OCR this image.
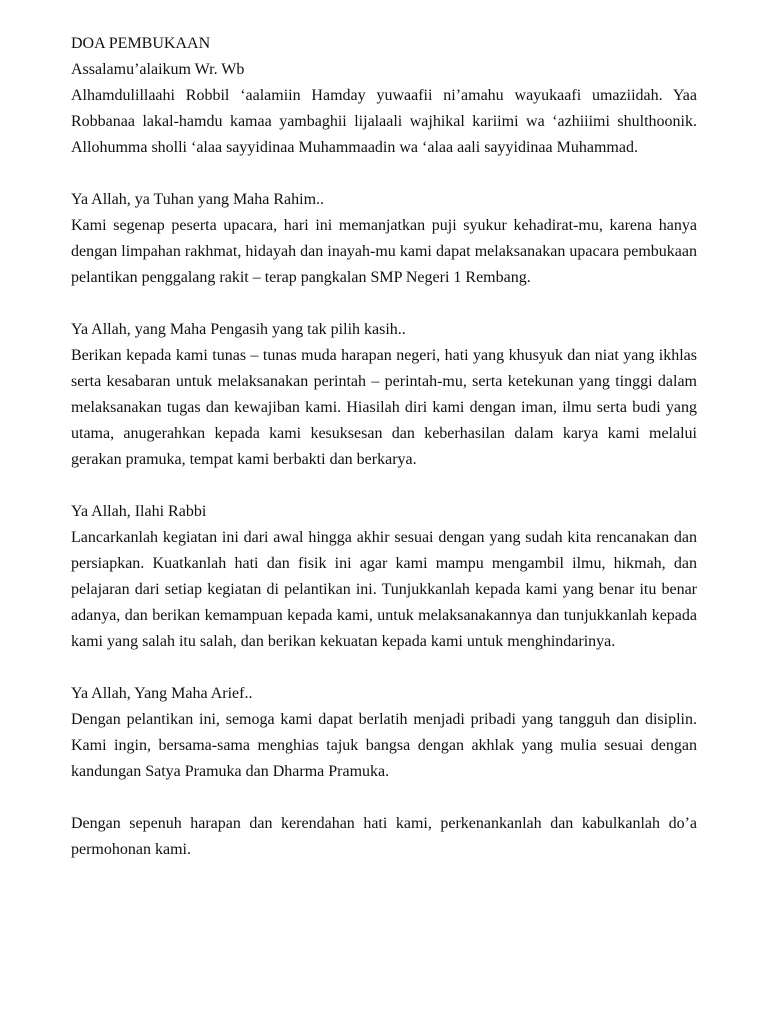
DOA PEMBUKAAN

Assalamu’alaikum Wr. Wb

Alhamdulillaahi Robbil ‘aalamiin Hamday yuwaafii ni’amahu wayukaafi umaziidah. Yaa Robbanaa lakal-hamdu kamaa yambaghii lijalaali wajhikal kariimi wa ‘azhiiimi shulthoonik. Allohumma sholli ‘alaa sayyidinaa Muhammaadin wa ‘alaa aali sayyidinaa Muhammad.

Ya Allah, ya Tuhan yang Maha Rahim..

Kami segenap peserta upacara, hari ini memanjatkan puji syukur kehadirat-mu, karena hanya dengan limpahan rakhmat, hidayah dan inayah-mu kami dapat melaksanakan upacara pembukaan pelantikan penggalang rakit – terap pangkalan SMP Negeri 1 Rembang.

Ya Allah, yang Maha Pengasih yang tak pilih kasih..

Berikan kepada kami tunas – tunas muda harapan negeri, hati yang khusyuk dan niat yang ikhlas serta kesabaran untuk melaksanakan perintah – perintah-mu, serta ketekunan yang tinggi dalam melaksanakan tugas dan kewajiban kami. Hiasilah diri kami dengan iman, ilmu serta budi yang utama, anugerahkan kepada kami kesuksesan dan keberhasilan dalam karya kami melalui gerakan pramuka, tempat kami berbakti dan berkarya.

Ya Allah, Ilahi Rabbi

Lancarkanlah kegiatan ini dari awal hingga akhir sesuai dengan yang sudah kita rencanakan dan persiapkan. Kuatkanlah hati dan fisik ini agar kami mampu mengambil ilmu, hikmah, dan pelajaran dari setiap kegiatan di pelantikan ini. Tunjukkanlah kepada kami yang benar itu benar adanya, dan berikan kemampuan kepada kami, untuk melaksanakannya dan tunjukkanlah kepada kami yang salah itu salah, dan berikan kekuatan kepada kami untuk menghindarinya.

Ya Allah, Yang Maha Arief..

Dengan pelantikan ini, semoga kami dapat berlatih menjadi pribadi yang tangguh dan disiplin. Kami ingin, bersama-sama menghias tajuk bangsa dengan akhlak yang mulia sesuai dengan kandungan Satya Pramuka dan Dharma Pramuka.

Dengan sepenuh harapan dan kerendahan hati kami, perkenankanlah dan kabulkanlah do’a permohonan kami.
